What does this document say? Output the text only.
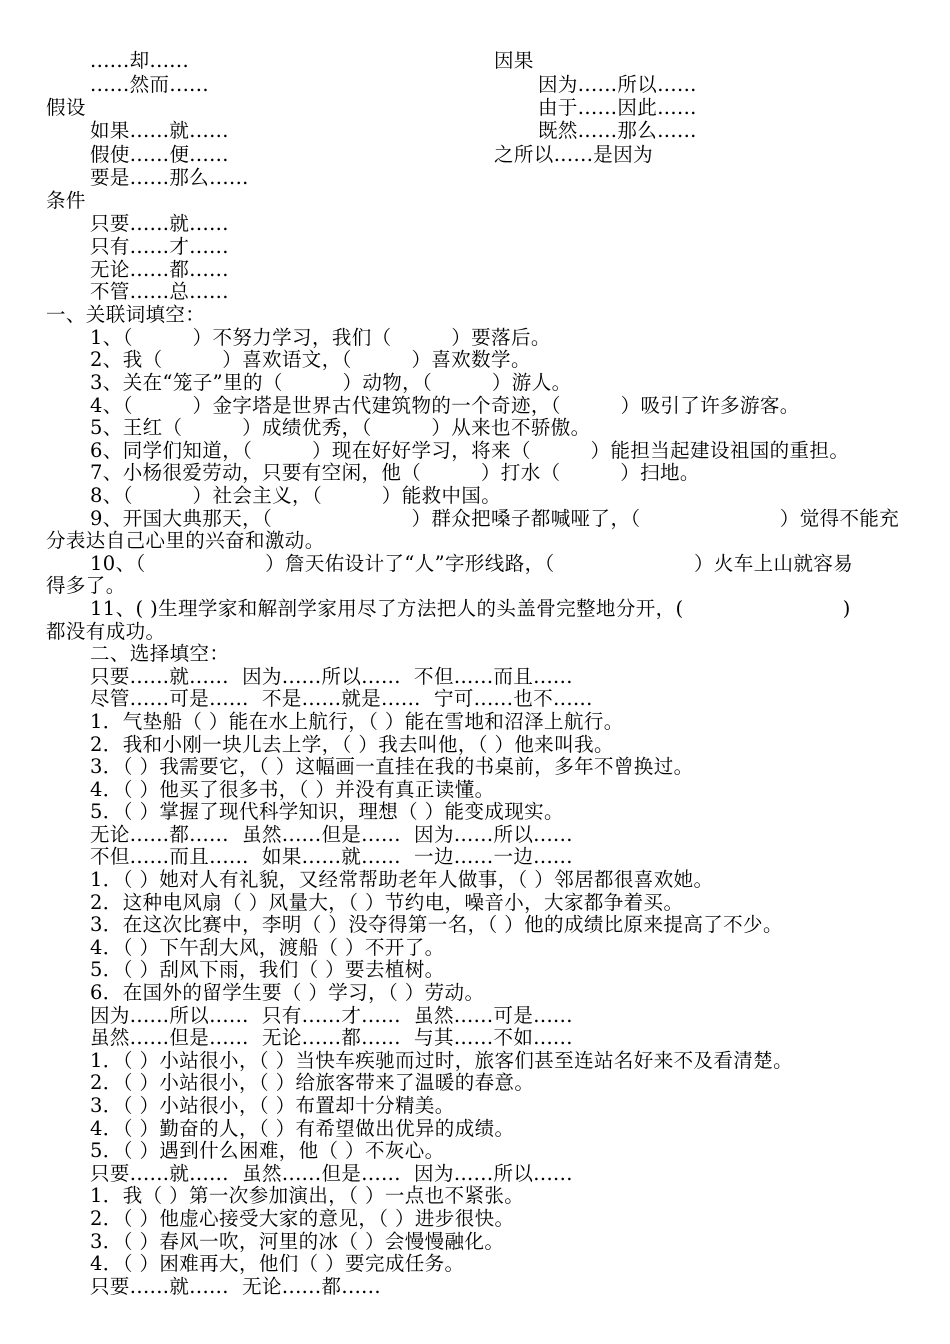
......却......
......然而......
假设
如果......就......
假使......便......
要是......那么......
条件
只要......就......
只有......才......
无论......都......
不管......总......
因果
因为......所以......
由于......因此......
既然......那么......
之所以......是因为
一、关联词填空：
1、（　　　）不努力学习，我们（　　　）要落后。
2、我（　　　）喜欢语文，（　　　）喜欢数学。
3、关在“笼子”里的（　　　）动物，（　　　）游人。
4、（　　　）金字塔是世界古代建筑物的一个奇迹，（　　　）吸引了许多游客。
5、王红（　　　）成绩优秀，（　　　）从来也不骄傲。
6、同学们知道，（　　　）现在好好学习，将来（　　　）能担当起建设祖国的重担。
7、小杨很爱劳动，只要有空闲，他（　　　）打水（　　　）扫地。
8、（　　　）社会主义，（　　　）能救中国。
9、开国大典那天，（　　　　　　　）群众把嗓子都喊哑了，（　　　　　　　）觉得不能充
分表达自己心里的兴奋和激动。
10、（　　　　　　）詹天佑设计了“人”字形线路，（　　　　　　　）火车上山就容易
得多了。
11、( )生理学家和解剖学家用尽了方法把人的头盖骨完整地分开，(　　　　　　　　)
都没有成功。
二、选择填空：
只要......就......  因为......所以......  不但......而且......
尽管......可是......  不是......就是......  宁可......也不......
1．气垫船（ ）能在水上航行，（ ）能在雪地和沼泽上航行。
2．我和小刚一块儿去上学，（ ）我去叫他，（ ）他来叫我。
3．（ ）我需要它，（ ）这幅画一直挂在我的书桌前，多年不曾换过。
4．（ ）他买了很多书，（ ）并没有真正读懂。
5．（ ）掌握了现代科学知识，理想（ ）能变成现实。
无论......都......  虽然......但是......  因为......所以......
不但......而且......  如果......就......  一边......一边......
1．（ ）她对人有礼貌，又经常帮助老年人做事，（ ）邻居都很喜欢她。
2．这种电风扇（ ）风量大，（ ）节约电，噪音小，大家都争着买。
3．在这次比赛中，李明（ ）没夺得第一名，（ ）他的成绩比原来提高了不少。
4．（ ）下午刮大风，渡船（ ）不开了。
5．（ ）刮风下雨，我们（ ）要去植树。
6．在国外的留学生要（ ）学习，（ ）劳动。
因为......所以......  只有......才......  虽然......可是......
虽然......但是......  无论......都......  与其......不如......
1．（ ）小站很小，（ ）当快车疾驰而过时，旅客们甚至连站名好来不及看清楚。
2．（ ）小站很小，（ ）给旅客带来了温暖的春意。
3．（ ）小站很小，（ ）布置却十分精美。
4．（ ）勤奋的人，（ ）有希望做出优异的成绩。
5．（ ）遇到什么困难，他（ ）不灰心。
只要......就......  虽然......但是......  因为......所以......
1．我（ ）第一次参加演出，（ ）一点也不紧张。
2．（ ）他虚心接受大家的意见，（ ）进步很快。
3．（ ）春风一吹，河里的冰（ ）会慢慢融化。
4．（ ）困难再大，他们（ ）要完成任务。
只要......就......  无论......都......
